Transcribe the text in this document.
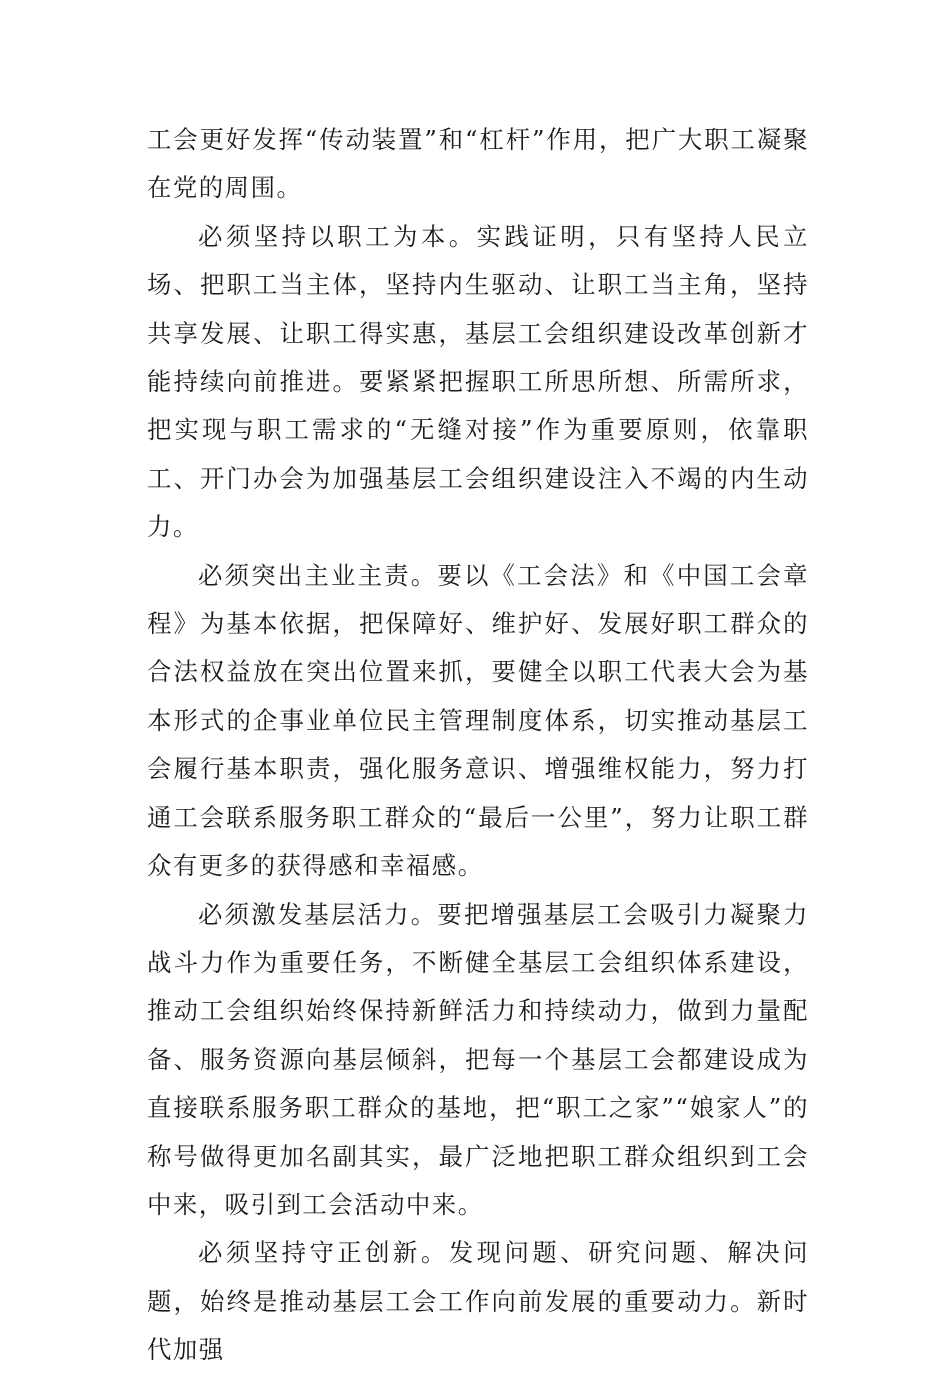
工会更好发挥“传动装置”和“杠杆”作用，把广大职工凝聚在党的周围。

必须坚持以职工为本。实践证明，只有坚持人民立场、把职工当主体，坚持内生驱动、让职工当主角，坚持共享发展、让职工得实惠，基层工会组织建设改革创新才能持续向前推进。要紧紧把握职工所思所想、所需所求，把实现与职工需求的“无缝对接”作为重要原则，依靠职工、开门办会为加强基层工会组织建设注入不竭的内生动力。

必须突出主业主责。要以《工会法》和《中国工会章程》为基本依据，把保障好、维护好、发展好职工群众的合法权益放在突出位置来抓，要健全以职工代表大会为基本形式的企事业单位民主管理制度体系，切实推动基层工会履行基本职责，强化服务意识、增强维权能力，努力打通工会联系服务职工群众的“最后一公里”，努力让职工群众有更多的获得感和幸福感。

必须激发基层活力。要把增强基层工会吸引力凝聚力战斗力作为重要任务，不断健全基层工会组织体系建设，推动工会组织始终保持新鲜活力和持续动力，做到力量配备、服务资源向基层倾斜，把每一个基层工会都建设成为直接联系服务职工群众的基地，把“职工之家”“娘家人”的称号做得更加名副其实，最广泛地把职工群众组织到工会中来，吸引到工会活动中来。

必须坚持守正创新。发现问题、研究问题、解决问题，始终是推动基层工会工作向前发展的重要动力。新时代加强
